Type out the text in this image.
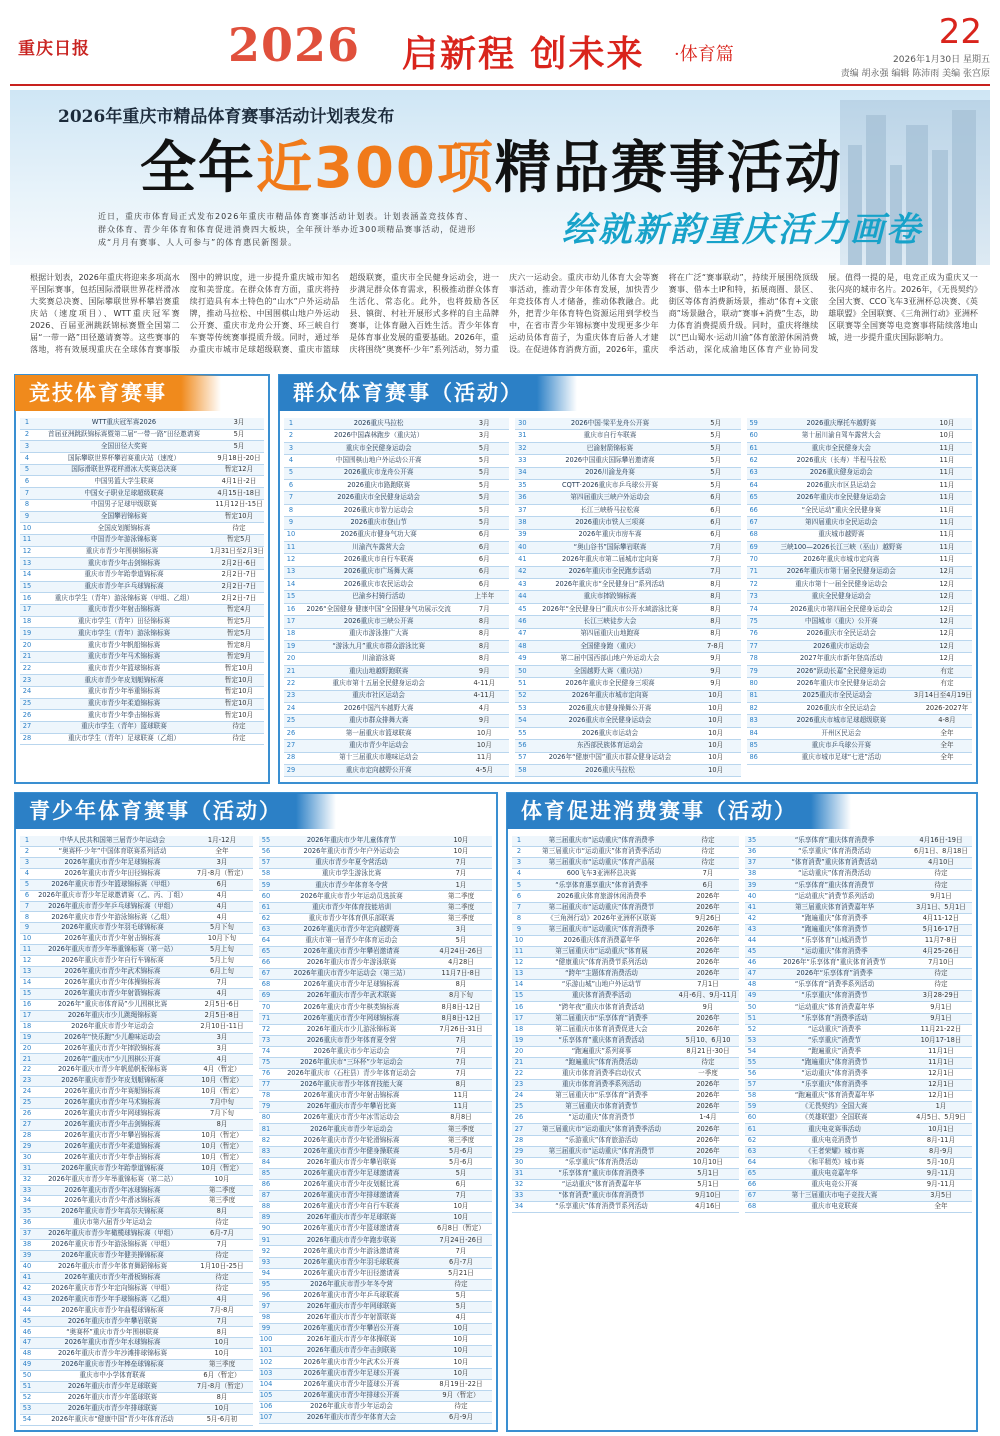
重庆日报	2026 启新程 创未来 ·体育篇
22
2026年1月30日 星期五
责编 胡永强 编辑 陈沛雨 美编 张宫原
2026年重庆市精品体育赛事活动计划表发布
全年近300项精品赛事活动
近日，重庆市体育局正式发布2026年重庆市精品体育赛事活动计划表。计划表涵盖竞技体育、群众体育、青少年体育和体育促进消费四大板块，全年预计举办近300项精品赛事活动，促进形成“月月有赛事、人人可参与”的体育惠民新图景。	绘就新韵重庆活力画卷
根据计划表，2026年重庆将迎来多项高水平国际赛事，包括国际滑联世界花样滑冰大奖赛总决赛、国际攀联世界杯攀岩赛重庆站（速度项目）、WTT重庆冠军赛2026、百届亚洲跳跃锦标赛暨全国第二届“一带一路”田径邀请赛等。这些赛事的落地，将有效展现重庆在全球体育赛事版图中的辨识度，进一步提升重庆城市知名度和美誉度。在群众体育方面，重庆将持续打造具有本土特色的“山水”户外运动品牌，推动马拉松、中国围棋山地户外运动公开赛、重庆市龙舟公开赛、环三峡自行车赛等传统赛事提质升级。同时，通过举办重庆市城市足球超级联赛、重庆市篮球超级联赛，重庆市全民健身运动会，进一步满足群众体育需求，积极推动群众体育生活化、常态化。此外，也将鼓励各区县、镇街、村社开展形式多样的自主品牌赛事，让体育融入百姓生活。青少年体育是体育事业发展的重要基础。2026年，重庆将围绕“奥赛杯·少年”系列活动，努力重庆六一运动会。重庆市幼儿体育大会等赛事活动，推动青少年体育发展，加快青少年竞技体育人才储备，推动体教融合。此外，把青少年体育特色资源运用到学校当中，在省市青少年锦标赛中发现更多少年运动员体育苗子，为重庆体育后备人才建设。在促进体育消费方面，2026年，重庆将在广泛“赛事联动”，持续开展围绕顶级赛事、借本土IP和特，拓展商圈、景区、街区等体育消费新场景，推动“体育+文旅商”场景融合，联动“赛事+消费”生态，助力体育消费提质升级。同时，重庆将继续以“巴山蜀水·运动川渝”体育旅游休闲消费季活动，深化成渝地区体育产业协同发展。值得一提的是，电竞正成为重庆又一张闪亮的城市名片。2026年，《无畏契约》全国大赛、CCO飞车3亚洲杯总决赛、《英雄联盟》全国联赛、《三角洲行动》亚洲杯区联赛等全国赛等电竞赛事将陆续落地山城，进一步提升重庆国际影响力。
竞技体育赛事
1	WTT重庆冠军赛2026	3月
2	首届亚洲跳跃锦标赛暨第二届“一带一路”田径邀请赛	5月
3	全国田径大奖赛	5月
4	国际攀联世界杯攀岩赛重庆站（速度）	9月18日-20日
5	国际滑联世界花样滑冰大奖赛总决赛	暂定12月
6	中国男篮大学生联赛	4月1日-2日
7	中国女子职业足球超级联赛	4月15日-18日
8	中国男子足球甲级联赛	11月12日-15日
9	全国攀岩锦标赛	暂定10月
10	全国皮划艇锦标赛	待定
11	中国青少年游泳锦标赛	暂定5月
12	重庆市青少年围棋锦标赛	1月31日至2月3日
13	重庆市青少年击剑锦标赛	2月2日-6日
14	重庆市青少年跆拳道锦标赛	2月2日-7日
15	重庆市青少年乒乓球锦标赛	2月2日-7日
16	重庆市学生（青年）游泳锦标赛（甲组、乙组）	2月2日-7日
17	重庆市青少年射击锦标赛	暂定4月
18	重庆市学生（青年）田径锦标赛	暂定5月
19	重庆市学生（青年）游泳锦标赛	暂定5月
20	重庆市青少年帆船锦标赛	暂定8月
21	重庆市青少年马术锦标赛	暂定9月
22	重庆市青少年篮球锦标赛	暂定10月
23	重庆市青少年皮划艇锦标赛	暂定10月
24	重庆市青少年举重锦标赛	暂定10月
25	重庆市青少年柔道锦标赛	暂定10月
26	重庆市青少年拳击锦标赛	暂定10月
27	重庆市学生（青年）篮球联赛	待定
28	重庆市学生（青年）足球联赛（乙组）	待定
群众体育赛事（活动）
1	2026重庆马拉松	3月
2	2026中国森林跑步（重庆站）	3月
3	重庆市全民健身运动会	5月
4	中国围棋山地户外运动公开赛	5月
5	2026重庆市龙舟公开赛	5月
6	2026重庆市路跑联赛	5月
7	2026重庆市全民健身运动会	5月
8	2026重庆市智力运动会	5月
9	2026重庆市登山节	5月
10	2026重庆市健身气功大赛	6月
11	川渝汽车露营大会	6月
12	2026重庆市自行车联赛	6月
13	2026重庆市广场舞大赛	6月
14	2026重庆市农民运动会	6月
15	巴渝乡村骑行活动	上半年
16	2026“全国健身 健康中国”全国健身气功展示交流	7月
17	2026重庆市三峡公开赛	8月
18	重庆市游泳推广大赛	8月
19	“游泳九月”重庆市群众游泳比赛	8月
20	川渝游泳赛	8月
21	重庆山地越野跑联赛	9月
22	重庆市第十五届全民健身运动会	4-11月
23	重庆市社区运动会	4-11月
24	2026中国汽车越野大赛	4月
25	重庆市群众排舞大赛	9月
26	第一届重庆市篮球联赛	10月
27	重庆市青少年运动会	10月
28	第十三届重庆市趣味运动会	11月
29	重庆市定向越野公开赛	4-5月
30	2026中国·梁平龙舟公开赛	5月
31	重庆市自行车联赛	5月
32	巴渝射箭锦标赛	5月
33	2026中国重庆国际攀岩邀请赛	5月
34	2026川渝龙舟赛	5月
35	CQTT·2026重庆市乒乓球公开赛	5月
36	第四届重庆三峡户外运动会	6月
37	长江三峡桥马拉松赛	6月
38	2026重庆市铁人三项赛	6月
39	2026年重庆市房车赛	6月
40	“奥山谷书”国际攀岩联赛	7月
41	2026年重庆市第二届城市定向赛	7月
42	2026年重庆市全民跑步活动	7月
43	2026年重庆市“全民健身日”系列活动	8月
44	重庆市摔跤锦标赛	8月
45	2026年“全民健身日”重庆市公开水域游泳比赛	8月
46	长江三峡徒步大会	8月
47	第四届重庆山地跑赛	8月
48	全国健身跑（重庆）	7-8月
49	第二届中国西部山地户外运动大会	9月
50	全国越野大赛（重庆站）	9月
51	2026年重庆市全民健身三项赛	9月
52	2026年重庆市城市定向赛	10月
53	2026重庆市健身操舞公开赛	10月
54	2026重庆市全民健身运动会	10月
55	2026重庆市运动会	10月
56	东西部民族体育运动会	10月
57	2026年“健康中国”重庆市群众健身运动会	10月
58	2026重庆马拉松	10月
59	2026重庆摩托车越野赛	10月
60	第十届川渝自驾车露营大会	10月
61	重庆市全民健身大会	11月
62	2026重庆（长寿）半程马拉松	11月
63	2026重庆健身运动会	11月
64	2026重庆市区县运动会	11月
65	2026年重庆市全民健身运动会	11月
66	“全民运动”重庆全民健身赛	11月
67	第四届重庆市全民运动会	11月
68	重庆城市越野赛	11月
69	三峡100—2026长江三峡（巫山）越野赛	11月
70	2026年重庆市城市定向赛	11月
71	2026年重庆市第十届全民健身运动会	12月
72	重庆市第十一届全民健身运动会	12月
73	重庆全民健身运动会	12月
74	2026重庆市第四届全民健身运动会	12月
75	中国城市（重庆）公开赛	12月
76	2026重庆市全民运动会	12月
77	2026重庆市运动会	12月
78	2027年重庆市新年登高活动	12月
79	2026“跃动长嘉”全民健身运动	有定
80	2026年重庆市全民健身运动会	有定
81	2025重庆市全民运动会	3月14日至4月19日
82	2026重庆市全民运动会	2026-2027年
83	2026重庆市城市足球超级联赛	4-8月
84	开州区民运会	全年
85	重庆市乒乓球公开赛	全年
86	重庆市城市足球“七进”活动	全年
青少年体育赛事（活动）
1	中华人民共和国第三届青少年运动会	1月-12月
2	“奥赛杯·少年”中国体育联赛系列活动	全年
3	2026年重庆市青少年足球锦标赛	3月
4	2026年重庆市青少年田径锦标赛	7月-8月（暂定）
5	2026年重庆市青少年篮球锦标赛（甲组）	6月
6	2026年重庆市青少年足球邀请赛（乙、丙、丁组）	4月
7	2026年重庆市青少年乒乓球锦标赛（甲组）	4月
8	2026年重庆市青少年游泳锦标赛（乙组）	4月
9	2026年重庆市青少年羽毛球锦标赛	5月下旬
10	2026年重庆市青少年射击锦标赛	10月下旬
11	2026年重庆市青少年举重锦标赛（第一站）	5月上旬
12	2026年重庆市青少年自行车锦标赛	5月上旬
13	2026年重庆市青少年武术锦标赛	6月上旬
14	2026年重庆市青少年体操锦标赛	7月
15	2026年重庆市青少年射箭锦标赛	4月
16	2026年“重庆市体育局”少儿围棋比赛	2月5日-6日
17	2026年重庆市少儿跳绳锦标赛	2月5日-8日
18	2026年重庆市青少年运动会	2月10日-11日
19	2026年“快乐跑”少儿趣味运动会	3月
20	2026年重庆市青少年摔跤锦标赛	3月
21	2026年“重庆市”少儿围棋公开赛	4月
22	2026年重庆市青少年帆船帆板锦标赛	4月（暂定）
23	2026年重庆市青少年皮划艇锦标赛	10月（暂定）
24	2026年重庆市青少年赛艇锦标赛	10月（暂定）
25	2026年重庆市青少年马术锦标赛	7月中旬
26	2026年重庆市青少年网球锦标赛	7月下旬
27	2026年重庆市青少年击剑锦标赛	8月
28	2026年重庆市青少年攀岩锦标赛	10月（暂定）
29	2026年重庆市青少年柔道锦标赛	10月（暂定）
30	2026年重庆市青少年拳击锦标赛	10月（暂定）
31	2026年重庆市青少年跆拳道锦标赛	10月（暂定）
32	2026年重庆市青少年举重锦标赛（第二站）	10月
33	2026年重庆市青少年冰球锦标赛	第二季度
34	2026年重庆市青少年滑冰锦标赛	第三季度
35	2026年重庆市青少年高尔夫锦标赛	8月
36	重庆市第六届青少年运动会	待定
37	2026年重庆市青少年橄榄球锦标赛（甲组）	6月-7月
38	2026年重庆市青少年游泳锦标赛（甲组）	7月
39	2026年重庆市青少年健美操锦标赛	待定
40	2026年重庆市青少年体育舞蹈锦标赛	1月10日-25日
41	2026年重庆市青少年滑板锦标赛	待定
42	2026年重庆市青少年定向锦标赛（甲组）	待定
43	2026年重庆市青少年手球锦标赛（乙组）	4月
44	2026年重庆市青少年曲棍球锦标赛	7月-8月
45	2026年重庆市青少年攀岩联赛	7月
46	“奥赛杯”重庆市青少年围棋联赛	8月
47	2026年重庆市青少年水球锦标赛	10月
48	2026年重庆市青少年沙滩排球锦标赛	10月
49	2026年重庆市青少年棒垒球锦标赛	第三季度
50	重庆市中小学体育联赛	6月（暂定）
51	2026年重庆市青少年足球联赛	7月-8月（暂定）
52	2026年重庆市青少年篮球联赛	8月
53	2026年重庆市青少年排球联赛	10月
54	2026年重庆市“健康中国”青少年体育活动	5月-6月初
55	2026年重庆市少年儿童体育节	10月
56	2026年重庆市青少年户外运动会	10月
57	重庆市青少年夏令营活动	7月
58	重庆市学生游泳比赛	7月
59	重庆市青少年体育冬令营	1月
60	2026年重庆市青少年运动员选拔赛	第二季度
61	重庆市青少年体育技能培训	第二季度
62	重庆市青少年体育俱乐部联赛	第三季度
63	2026年重庆市青少年定向越野赛	3月
64	重庆市第一届青少年体育运动会	5月
65	2026年重庆市青少年攀岩邀请赛	4月24日-26日
66	2026年重庆市青少年游泳联赛	4月28日
67	2026年重庆市青少年运动会（第三站）	11月7日-8日
68	2026年重庆市青少年足球锦标赛	8月
69	2026年重庆市青少年武术联赛	8月下旬
70	2026年重庆市青少年棋类锦标赛	8月8日-12日
71	2026年重庆市青少年网球锦标赛	8月8日-12日
72	2026年重庆市少儿游泳锦标赛	7月26日-31日
73	2026重庆市青少年体育夏令营	7月
74	2026年重庆市少年运动会	7月
75	2026年重庆市“三环杯”少年运动会	7月
76	2026年重庆市（石柱县）青少年体育运动会	7月
77	2026年重庆市青少年体育技能大赛	8月
78	2026年重庆市青少年射击锦标赛	11月
79	2026年重庆市青少年攀岩比赛	11月
80	2026年重庆市青少年冰雪运动会	8月8日
81	2026年重庆市青少年运动会	第三季度
82	2026年重庆市青少年轮滑锦标赛	第三季度
83	2026年重庆市青少年健身操联赛	5月-6月
84	2026年重庆市青少年攀岩联赛	5月-6月
85	2026年重庆市青少年足球邀请赛	5月
86	2026年重庆市青少年皮划艇比赛	6月
87	2026年重庆市青少年排球邀请赛	7月
88	2026年重庆市青少年自行车联赛	10月
89	2026年重庆市青少年足球联赛	10月
90	2026年重庆市青少年篮球邀请赛	6月8日（暂定）
91	2026年重庆市青少年跑步联赛	7月24日-26日
92	2026年重庆市青少年游泳邀请赛	7月
93	2026年重庆市青少年羽毛球联赛	6月-7月
94	2026年重庆市青少年田径邀请赛	5月21日
95	2026年重庆市青少年冬令营	待定
96	2026年重庆市青少年乒乓球联赛	5月
97	2026年重庆市青少年网球联赛	5月
98	2026年重庆市青少年射箭联赛	4月
99	2026年重庆市青少年攀岩公开赛	10月
100	2026年重庆市青少年体操联赛	10月
101	2026年重庆市青少年击剑联赛	10月
102	2026年重庆市青少年武术公开赛	10月
103	2026年重庆市青少年足球公开赛	10月
104	2026年重庆市青少年篮球公开赛	8月19日-22日
105	2026年重庆市青少年排球公开赛	9月（暂定）
106	2026年重庆市青少年运动会	待定
107	2026年重庆市青少年体育大会	6月-9月
体育促进消费赛事（活动）
1	第三届重庆市“运动重庆”体育消费季	待定
2	第三届重庆市“运动重庆”体育消费季活动	待定
3	第三届重庆市“运动重庆”体育产品展	待定
4	600飞车3亚洲杯总决赛	7月
5	“乐享体育惠享重庆”体育消费季	6月
6	2026重庆体育旅游休闲消费季	2026年
7	第二届重庆市“运动重庆”体育消费节	2026年
8	《三角洲行动》2026年亚洲杯区联赛	9月26日
9	第三届重庆市“运动重庆”体育消费季	2026年
10	2026重庆体育消费嘉年华	2026年
11	第三届重庆市“运动重庆”体育展	2026年
12	“健康重庆”体育消费节系列活动	2026年
13	“跨年”主题体育消费活动	2026年
14	“乐游山城”山地户外运动节	7月1日
15	重庆体育消费季活动	4月-6月、9月-11月
16	“跨年夜”重庆市体育消费活动	9月
17	第二届重庆市“乐享体育”消费季	2026年
18	第二届重庆市体育消费促进大会	2026年
19	“乐享体育”重庆体育消费活动	5月10、6月10
20	“跑遍重庆”系列赛事	8月21日-30日
21	“跑遍重庆”体育消费活动	待定
22	重庆市体育消费季启动仪式	一季度
23	重庆市体育消费季系列活动	2026年
24	第三届重庆市“乐享体育”消费季	2026年
25	第三届重庆市体育消费节	2026年
26	“运动重庆”体育消费节	1-4月
27	第三届重庆市“运动重庆”体育消费季活动	2026年
28	“乐游重庆”体育旅游活动	2026年
29	第三届重庆市“运动重庆”体育消费节	2026年
30	“乐享重庆”体育消费活动	10月10日
31	“乐享体育”重庆市体育消费季	5月1日
32	“运动重庆”体育消费嘉年华	5月1日
33	“体育消费”重庆市体育消费节	9月10日
34	“乐享重庆”体育消费节系列活动	4月16日
35	“乐享体育”重庆体育消费季	4月16日-19日
36	“乐享重庆”体育消费活动	6月1日、8月18日
37	“体育消费”重庆体育消费活动	4月10日
38	“运动重庆”体育消费活动	待定
39	“乐享体育”重庆体育消费节	待定
40	“运动重庆”消费节系列活动	9月1日
41	第三届重庆体育消费嘉年华	3月1日、5月1日
42	“跑遍重庆”体育消费季	4月11-12日
43	“跑遍重庆”体育消费节	5月16-17日
44	“乐享体育”山城消费节	11月7-8日
45	“运动重庆”体育消费季	4月25-26日
46	2026年“乐享体育”重庆体育消费节	7月10日
47	2026年“乐享体育”消费季	待定
48	“乐享体育”消费季系列活动	待定
49	“乐享重庆”体育消费节	3月28-29日
50	“运动重庆”体育消费嘉年华	9月1日
51	“乐享体育”消费季活动	9月1日
52	“运动重庆”消费季	11月21-22日
53	“乐享重庆”消费节	10月17-18日
54	“跑遍重庆”消费季	11月1日
55	“跑遍重庆”体育消费节	11月1日
56	“运动重庆”体育消费季	12月1日
57	“乐享重庆”体育消费季	12月1日
58	“跑遍重庆”体育消费嘉年华	12月1日
59	《无畏契约》全国大赛	1月
60	《英雄联盟》全国联赛	4月5日、5月9日
61	重庆电竞赛事活动	10月1日
62	重庆电竞消费节	8月-11月
63	《王者荣耀》城市赛	8月-9月
64	《和平精英》城市赛	5月-10月
65	重庆电竞嘉年华	9月-11月
66	重庆电竞公开赛	9月-11月
67	第十三届重庆市电子竞技大赛	3月5日
68	重庆市电竞联赛	全年
